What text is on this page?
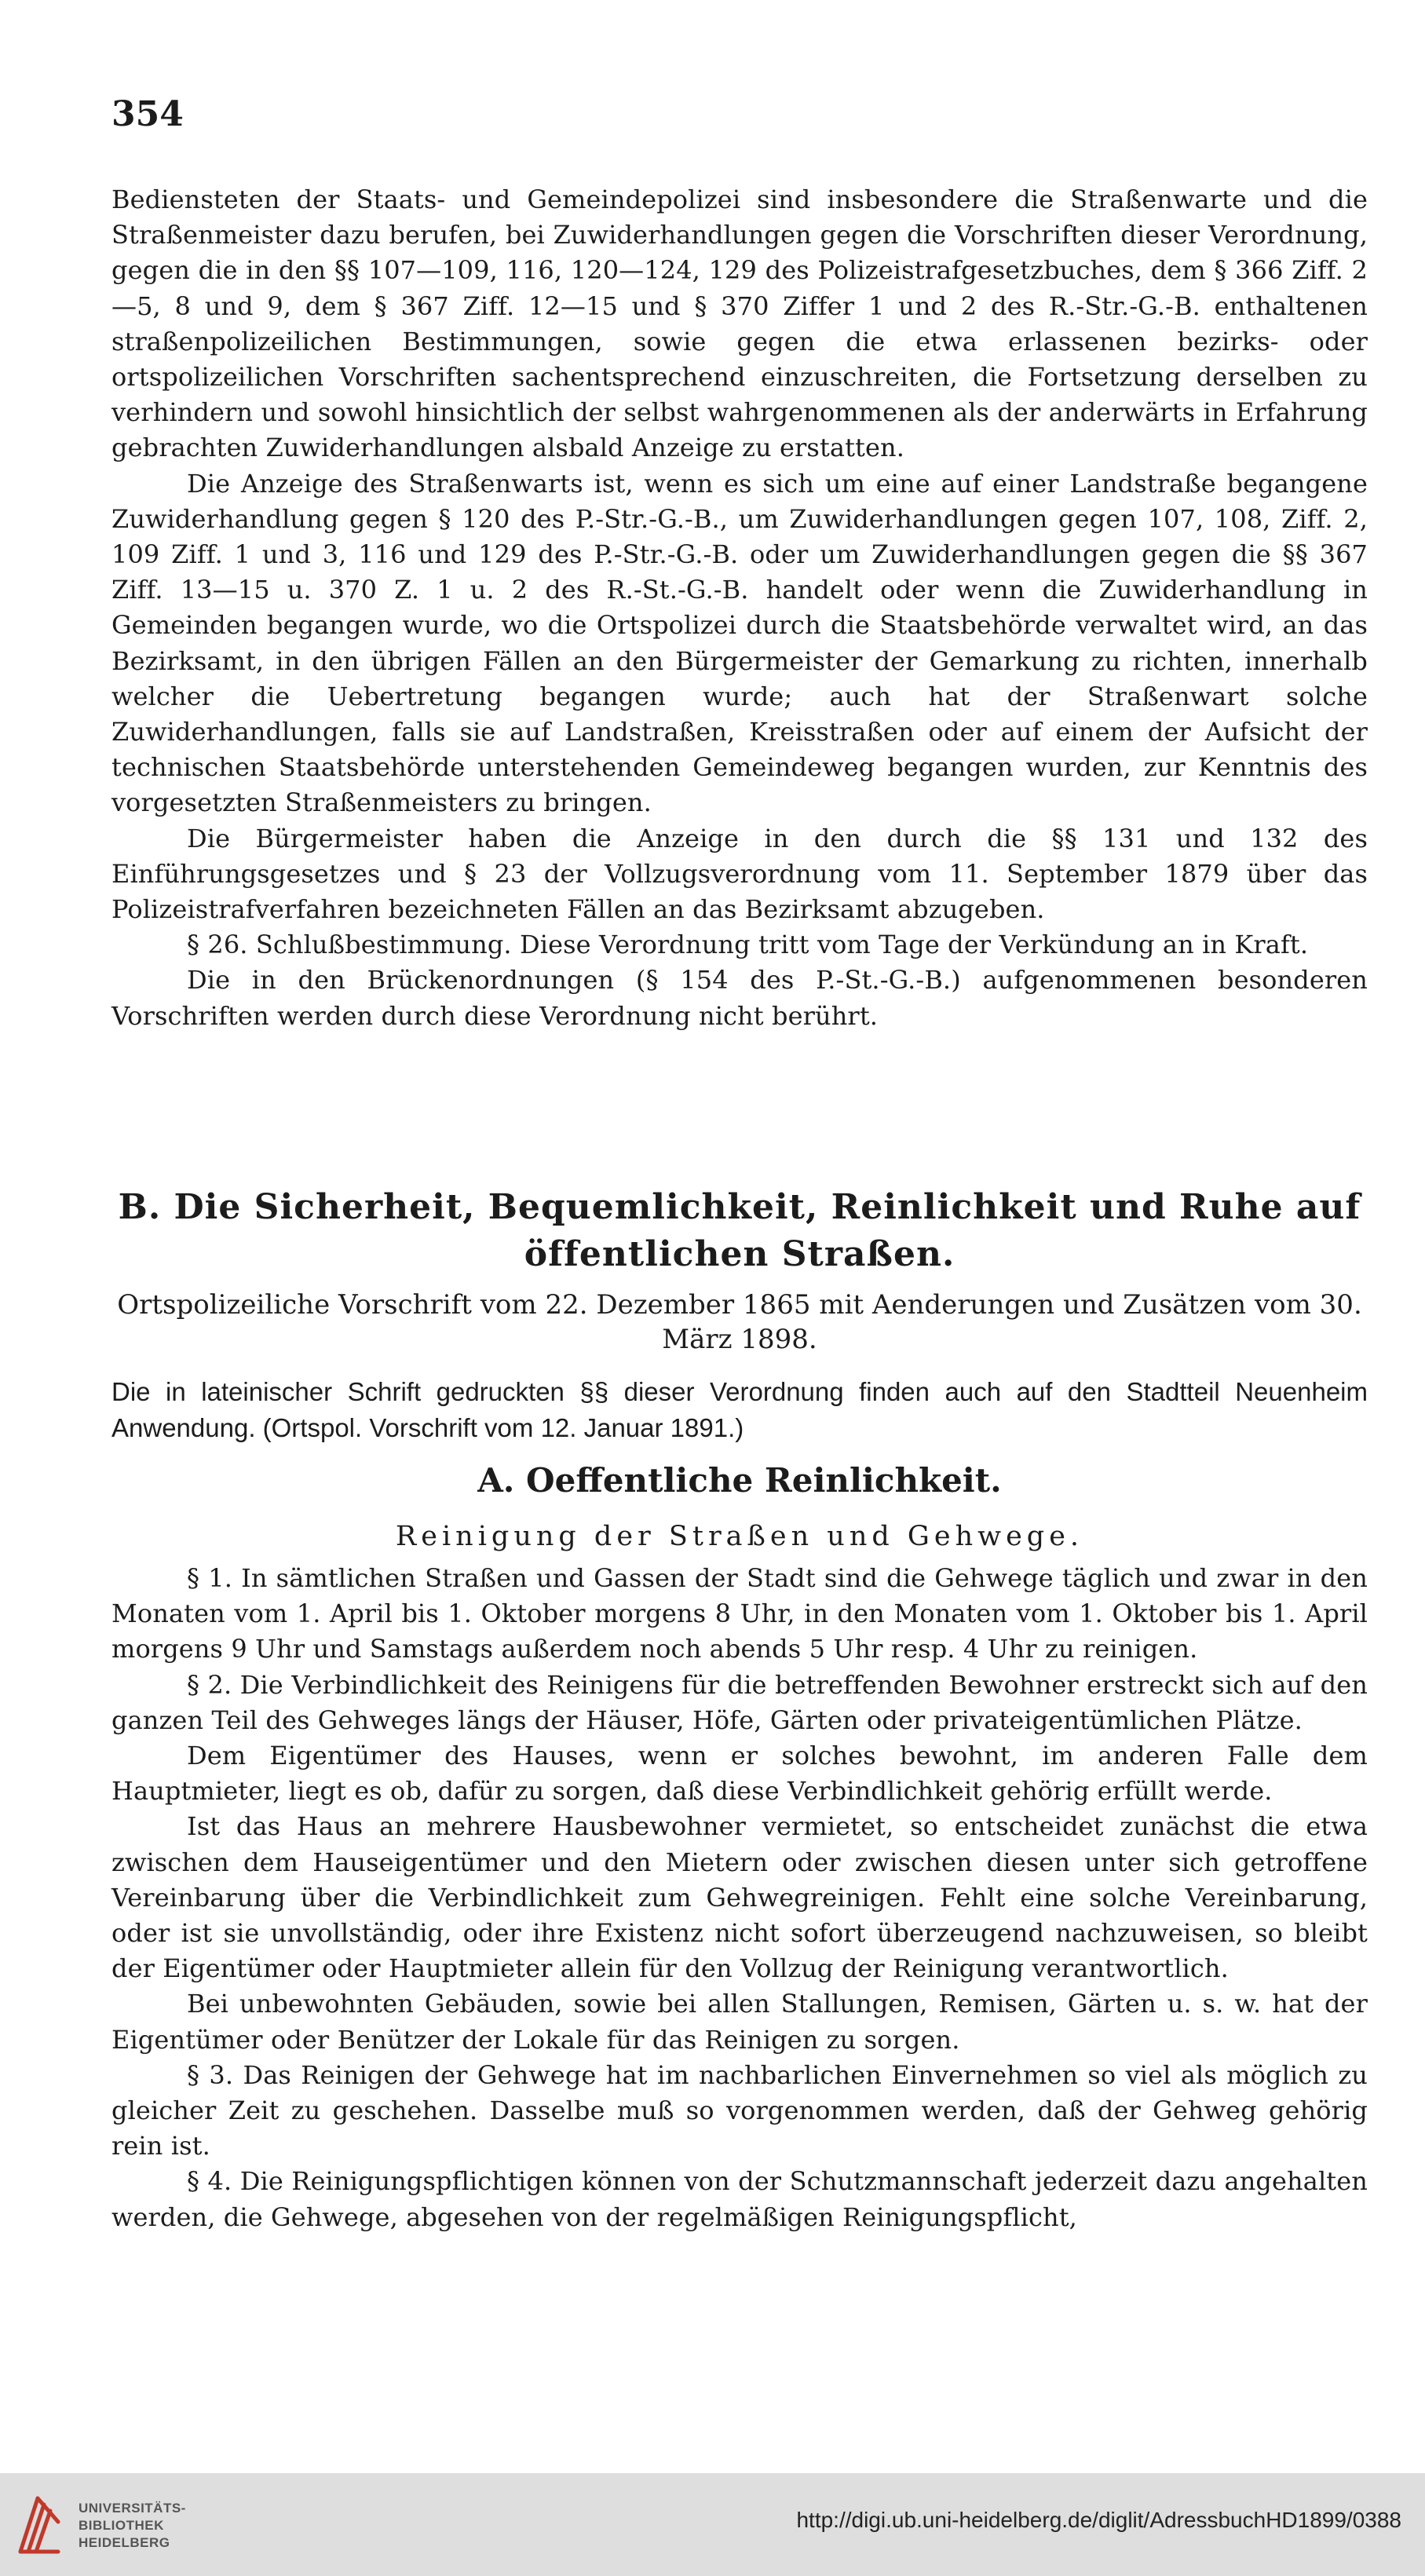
354

Bediensteten der Staats- und Gemeindepolizei sind insbesondere die Straßenwarte und die Straßenmeister dazu berufen, bei Zuwiderhandlungen gegen die Vorschriften dieser Verordnung, gegen die in den §§ 107—109, 116, 120—124, 129 des Polizeistrafgesetzbuches, dem § 366 Ziff. 2—5, 8 und 9, dem § 367 Ziff. 12—15 und § 370 Ziffer 1 und 2 des R.-Str.-G.-B. enthaltenen straßenpolizeilichen Bestimmungen, sowie gegen die etwa erlassenen bezirks- oder ortspolizeilichen Vorschriften sachentsprechend einzuschreiten, die Fortsetzung derselben zu verhindern und sowohl hinsichtlich der selbst wahrgenommenen als der anderwärts in Erfahrung gebrachten Zuwiderhandlungen alsbald Anzeige zu erstatten.

Die Anzeige des Straßenwarts ist, wenn es sich um eine auf einer Landstraße begangene Zuwiderhandlung gegen § 120 des P.-Str.-G.-B., um Zuwiderhandlungen gegen 107, 108, Ziff. 2, 109 Ziff. 1 und 3, 116 und 129 des P.-Str.-G.-B. oder um Zuwiderhandlungen gegen die §§ 367 Ziff. 13—15 u. 370 Z. 1 u. 2 des R.-St.-G.-B. handelt oder wenn die Zuwiderhandlung in Gemeinden begangen wurde, wo die Ortspolizei durch die Staatsbehörde verwaltet wird, an das Bezirksamt, in den übrigen Fällen an den Bürgermeister der Gemarkung zu richten, innerhalb welcher die Uebertretung begangen wurde; auch hat der Straßenwart solche Zuwiderhandlungen, falls sie auf Landstraßen, Kreisstraßen oder auf einem der Aufsicht der technischen Staatsbehörde unterstehenden Gemeindeweg begangen wurden, zur Kenntnis des vorgesetzten Straßenmeisters zu bringen.

Die Bürgermeister haben die Anzeige in den durch die §§ 131 und 132 des Einführungsgesetzes und § 23 der Vollzugsverordnung vom 11. September 1879 über das Polizeistrafverfahren bezeichneten Fällen an das Bezirksamt abzugeben.

§ 26. Schlußbestimmung. Diese Verordnung tritt vom Tage der Verkündung an in Kraft.

Die in den Brückenordnungen (§ 154 des P.-St.-G.-B.) aufgenommenen besonderen Vorschriften werden durch diese Verordnung nicht berührt.

B. Die Sicherheit, Bequemlichkeit, Reinlichkeit und Ruhe auf öffentlichen Straßen.
Ortspolizeiliche Vorschrift vom 22. Dezember 1865 mit Aenderungen und Zusätzen vom 30. März 1898.
Die in lateinischer Schrift gedruckten §§ dieser Verordnung finden auch auf den Stadtteil Neuenheim Anwendung. (Ortspol. Vorschrift vom 12. Januar 1891.)
A. Oeffentliche Reinlichkeit.
Reinigung der Straßen und Gehwege.

§ 1. In sämtlichen Straßen und Gassen der Stadt sind die Gehwege täglich und zwar in den Monaten vom 1. April bis 1. Oktober morgens 8 Uhr, in den Monaten vom 1. Oktober bis 1. April morgens 9 Uhr und Samstags außerdem noch abends 5 Uhr resp. 4 Uhr zu reinigen.

§ 2. Die Verbindlichkeit des Reinigens für die betreffenden Bewohner erstreckt sich auf den ganzen Teil des Gehweges längs der Häuser, Höfe, Gärten oder privateigentümlichen Plätze.

Dem Eigentümer des Hauses, wenn er solches bewohnt, im anderen Falle dem Hauptmieter, liegt es ob, dafür zu sorgen, daß diese Verbindlichkeit gehörig erfüllt werde.

Ist das Haus an mehrere Hausbewohner vermietet, so entscheidet zunächst die etwa zwischen dem Hauseigentümer und den Mietern oder zwischen diesen unter sich getroffene Vereinbarung über die Verbindlichkeit zum Gehwegreinigen. Fehlt eine solche Vereinbarung, oder ist sie unvollständig, oder ihre Existenz nicht sofort überzeugend nachzuweisen, so bleibt der Eigentümer oder Hauptmieter allein für den Vollzug der Reinigung verantwortlich.

Bei unbewohnten Gebäuden, sowie bei allen Stallungen, Remisen, Gärten u. s. w. hat der Eigentümer oder Benützer der Lokale für das Reinigen zu sorgen.

§ 3. Das Reinigen der Gehwege hat im nachbarlichen Einvernehmen so viel als möglich zu gleicher Zeit zu geschehen. Dasselbe muß so vorgenommen werden, daß der Gehweg gehörig rein ist.

§ 4. Die Reinigungspflichtigen können von der Schutzmannschaft jederzeit dazu angehalten werden, die Gehwege, abgesehen von der regelmäßigen Reinigungspflicht,

UNIVERSITÄTS-
BIBLIOTHEK
HEIDELBERG
http://digi.ub.uni-heidelberg.de/diglit/AdressbuchHD1899/0388
